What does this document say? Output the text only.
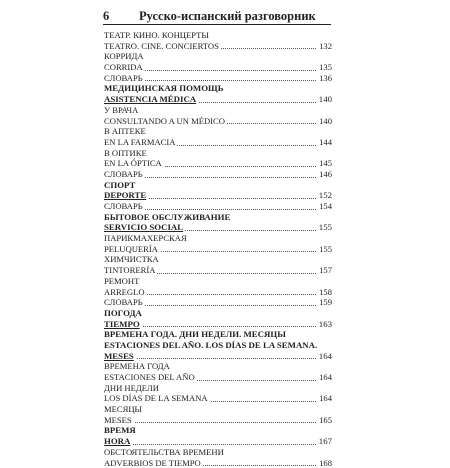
6 Русско-испанский разговорник
ТЕАТР. КИНО. КОНЦЕРТЫ
TEATRO. CINE. CONCIERTOS	132
КОРРИДА
CORRIDA	135
СЛОВАРЬ	136
МЕДИЦИНСКАЯ ПОМОЩЬ
ASISTENCIA MÉDICA	140
У ВРАЧА
CONSULTANDO A UN MÉDICO	140
В АПТЕКЕ
EN LA FARMACIA	144
В ОПТИКЕ
EN LA ÓPTICA	145
СЛОВАРЬ	146
СПОРТ
DEPORTE	152
СЛОВАРЬ	154
БЫТОВОЕ ОБСЛУЖИВАНИЕ
SERVICIO SOCIAL	155
ПАРИКМАХЕРСКАЯ
PELUQUERÍA	155
ХИМЧИСТКА
TINTORERÍA	157
РЕМОНТ
ARREGLO	158
СЛОВАРЬ	159
ПОГОДА
TIEMPO	163
ВРЕМЕНА ГОДА. ДНИ НЕДЕЛИ. МЕСЯЦЫ
ESTACIONES DEL AÑO. LOS DÍAS DE LA SEMANA.
MESES	164
ВРЕМЕНА ГОДА
ESTACIONES DEL AÑO	164
ДНИ НЕДЕЛИ
LOS DÍAS DE LA SEMANA	164
МЕСЯЦЫ
MESES	165
ВРЕМЯ
HORA	167
ОБСТОЯТЕЛЬСТВА ВРЕМЕНИ
ADVERBIOS DE TIEMPO	168
